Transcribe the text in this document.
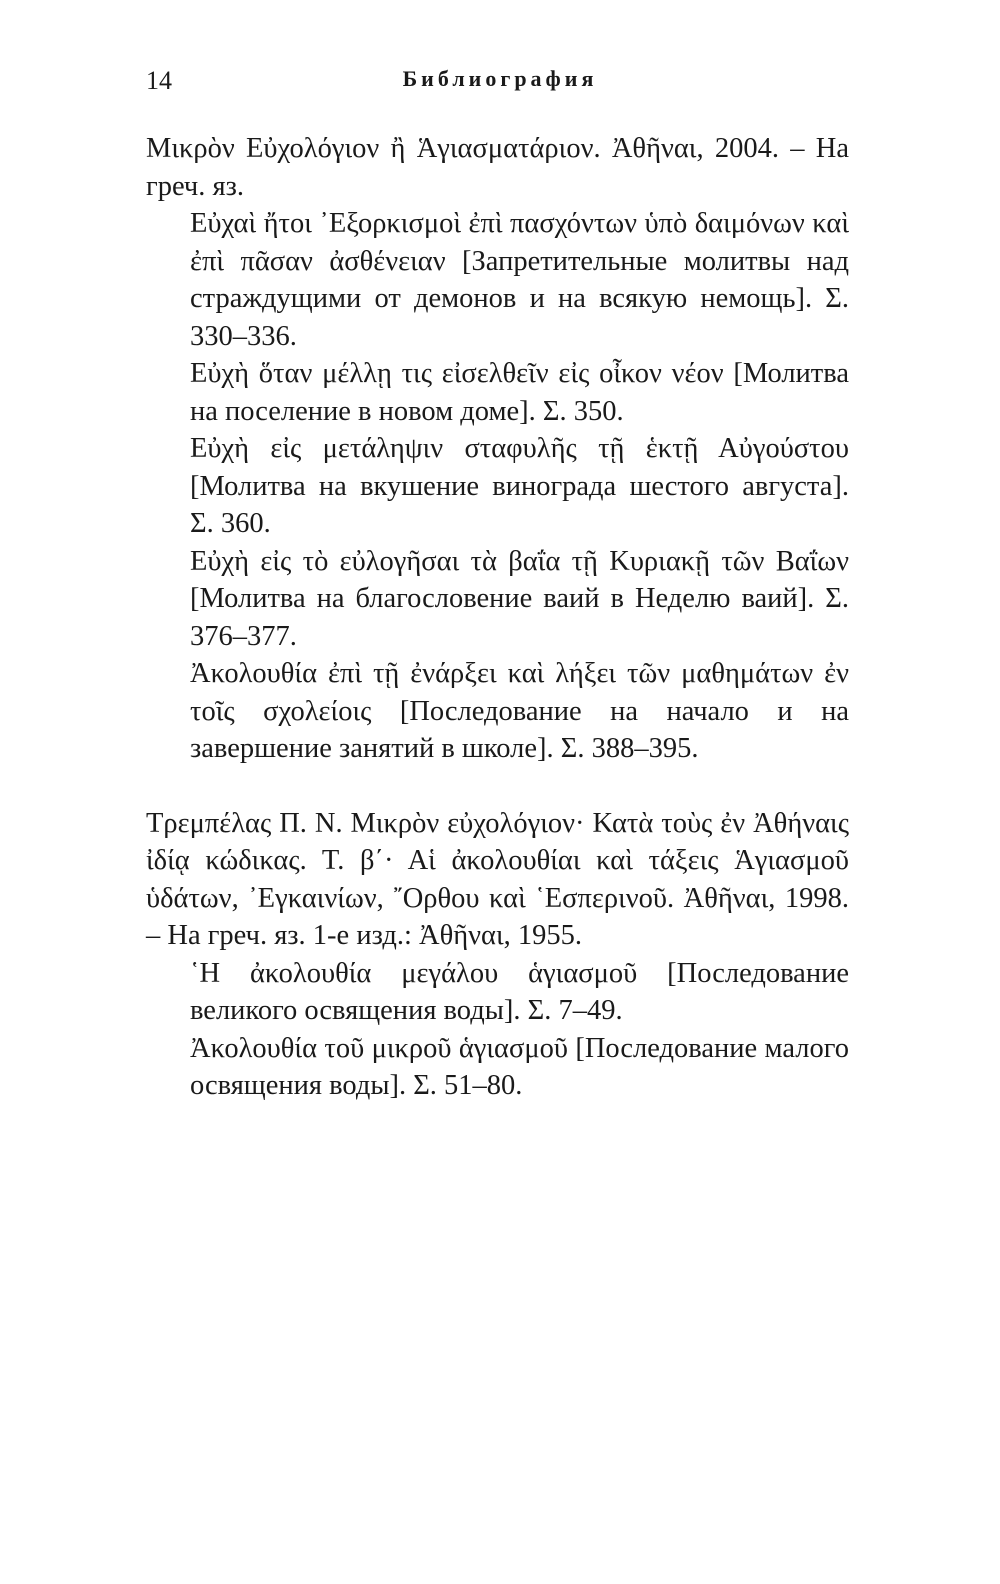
14	Библиография

Μικρὸν Εὐχολόγιον ἢ Ἁγιασματάριον. Ἀθῆναι, 2004. – На греч. яз.

Εὐχαὶ ἤτοι ᾿Εξορκισμοὶ ἐπὶ πασχόντων ὑπὸ δαιμόνων καὶ ἐπὶ πᾶσαν ἀσθένειαν [Запретительные молитвы над страждущими от демонов и на всякую немощь]. Σ. 330–336.

Εὐχὴ ὅταν μέλλῃ τις εἰσελθεῖν εἰς οἶκον νέον [Молитва на поселение в новом доме]. Σ. 350.

Εὐχὴ εἰς μετάληψιν σταφυλῆς τῇ ἑκτῇ Αὐγούστου [Молитва на вкушение винограда шестого августа]. Σ. 360.

Εὐχὴ εἰς τὸ εὐλογῆσαι τὰ βαΐα τῇ Κυριακῇ τῶν Βαΐων [Молитва на благословение ваий в Неделю ваий]. Σ. 376–377.

Ἀκολουθία ἐπὶ τῇ ἐνάρξει καὶ λήξει τῶν μαθημάτων ἐν τοῖς σχολείοις [Последование на начало и на завершение занятий в школе]. Σ. 388–395.

Τρεμπέλας Π. Ν. Μικρὸν εὐχολόγιον· Κατὰ τοὺς ἐν Ἀθήναις ἰδίᾳ κώδικας. Τ. β΄· Αἱ ἀκολουθίαι καὶ τάξεις Ἁγιασμοῦ ὑδάτων, ᾿Εγκαινίων, ῎Ορθου καὶ ῾Εσπερινοῦ. Ἀθῆναι, 1998. – На греч. яз. 1-е изд.: Ἀθῆναι, 1955.

῾Η ἀκολουθία μεγάλου ἁγιασμοῦ [Последование великого освящения воды]. Σ. 7–49.

Ἀκολουθία τοῦ μικροῦ ἁγιασμοῦ [Последование малого освящения воды]. Σ. 51–80.
